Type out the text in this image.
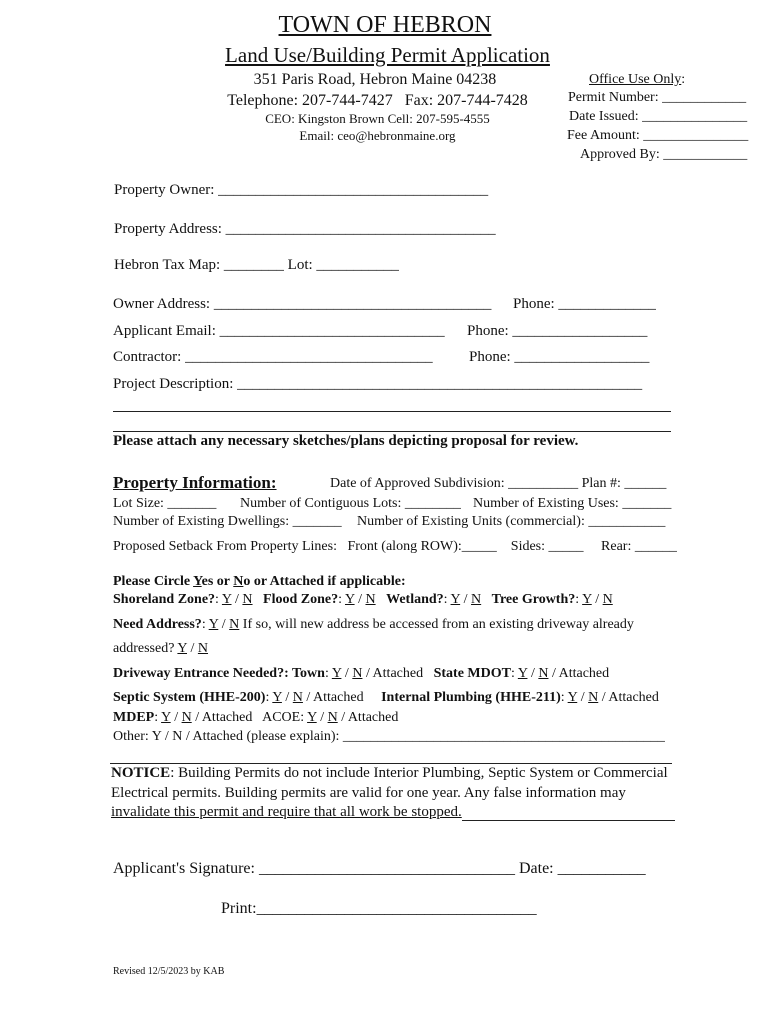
TOWN OF HEBRON
Land Use/Building Permit Application
351 Paris Road, Hebron Maine 04238
Telephone: 207-744-7427   Fax: 207-744-7428
CEO: Kingston Brown Cell: 207-595-4555
Email: ceo@hebronmaine.org
Office Use Only:
Permit Number: ____________
Date Issued: _______________
Fee Amount: _______________
Approved By: ____________
Property Owner: ____________________________________
Property Address: ____________________________________
Hebron Tax Map: ________ Lot: ___________
Owner Address: _____________________________________ Phone: _____________
Applicant Email: ______________________________ Phone: __________________
Contractor: _________________________________ Phone: __________________
Project Description: ______________________________________________________
Please attach any necessary sketches/plans depicting proposal for review.
Property Information:	Date of Approved Subdivision: __________ Plan #: ______
Lot Size: _______ Number of Contiguous Lots: ________ Number of Existing Uses: _______
Number of Existing Dwellings: _______ Number of Existing Units (commercial): ___________
Proposed Setback From Property Lines:   Front (along ROW):_____    Sides: _____     Rear: ______
Please Circle Yes or No or Attached if applicable:
Shoreland Zone?: Y / N Flood Zone?: Y / N Wetland?: Y / N Tree Growth?: Y / N
Need Address?: Y / N If so, will new address be accessed from an existing driveway already
addressed? Y / N
Driveway Entrance Needed?: Town: Y / N / Attached State MDOT: Y / N / Attached
Septic System (HHE-200): Y / N / Attached Internal Plumbing (HHE-211): Y / N / Attached
MDEP: Y / N / Attached ACOE: Y / N / Attached
Other: Y / N / Attached (please explain): ______________________________________________
NOTICE: Building Permits do not include Interior Plumbing, Septic System or Commercial
Electrical permits. Building permits are valid for one year. Any false information may
invalidate this permit and require that all work be stopped.
Applicant's Signature: ________________________________ Date: ___________
Print:___________________________________
Revised 12/5/2023 by KAB
